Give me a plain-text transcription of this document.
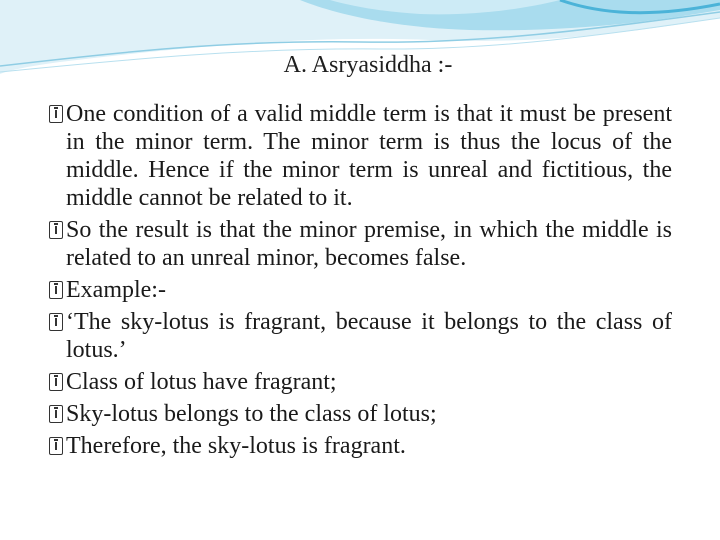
A. Asryasiddha :-
One condition of a valid middle term is that it must be present in the minor term. The minor term is thus the locus of the middle. Hence if the minor term is unreal and fictitious, the middle cannot be related to it.
So the result is that the minor premise, in which the middle is related to an unreal minor, becomes false.
Example:-
‘The sky-lotus is fragrant, because it belongs to the class of lotus.’
Class of lotus have fragrant;
Sky-lotus belongs to the class of lotus;
Therefore, the sky-lotus is fragrant.
